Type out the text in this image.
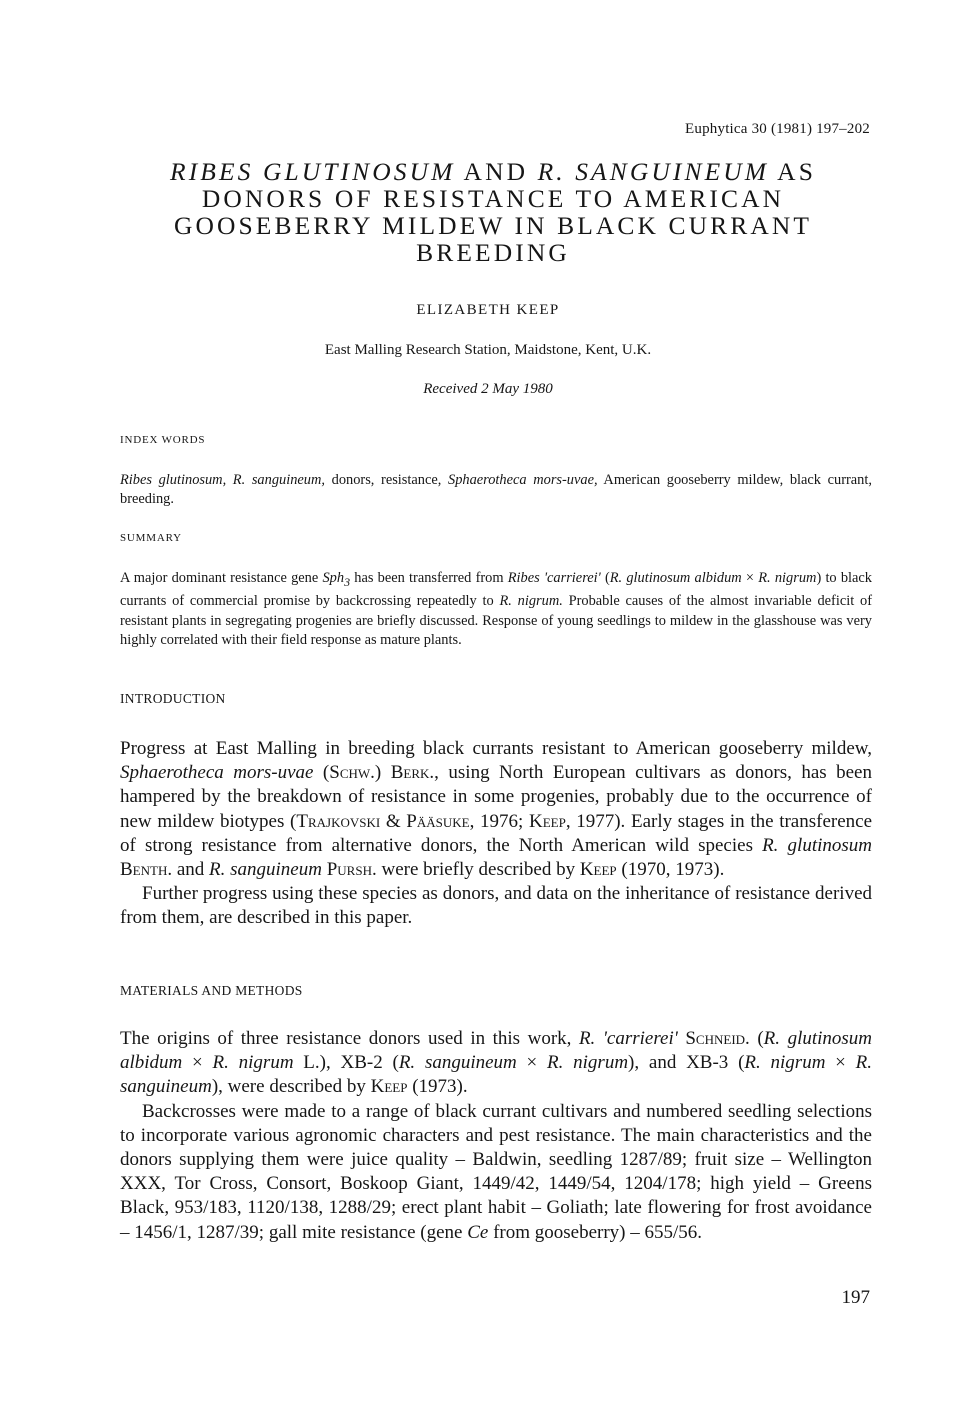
Euphytica 30 (1981) 197–202
RIBES GLUTINOSUM AND R. SANGUINEUM AS DONORS OF RESISTANCE TO AMERICAN GOOSEBERRY MILDEW IN BLACK CURRANT BREEDING
ELIZABETH KEEP
East Malling Research Station, Maidstone, Kent, U.K.
Received 2 May 1980
INDEX WORDS
Ribes glutinosum, R. sanguineum, donors, resistance, Sphaerotheca mors-uvae, American gooseberry mildew, black currant, breeding.
SUMMARY
A major dominant resistance gene Sph$_3$ has been transferred from Ribes 'carrierei' (R. glutinosum albidum × R. nigrum) to black currants of commercial promise by backcrossing repeatedly to R. nigrum. Probable causes of the almost invariable deficit of resistant plants in segregating progenies are briefly discussed. Response of young seedlings to mildew in the glasshouse was very highly correlated with their field response as mature plants.
INTRODUCTION
Progress at East Malling in breeding black currants resistant to American gooseberry mildew, Sphaerotheca mors-uvae (Schw.) Berk., using North European cultivars as donors, has been hampered by the breakdown of resistance in some progenies, probably due to the occurrence of new mildew biotypes (Trajkovski & Pääsuke, 1976; Keep, 1977). Early stages in the transference of strong resistance from alternative donors, the North American wild species R. glutinosum Benth. and R. sanguineum Pursh. were briefly described by Keep (1970, 1973).
Further progress using these species as donors, and data on the inheritance of resistance derived from them, are described in this paper.
MATERIALS AND METHODS
The origins of three resistance donors used in this work, R. 'carrierei' Schneid. (R. glutinosum albidum × R. nigrum L.), XB-2 (R. sanguineum × R. nigrum), and XB-3 (R. nigrum × R. sanguineum), were described by Keep (1973).
Backcrosses were made to a range of black currant cultivars and numbered seedling selections to incorporate various agronomic characters and pest resistance. The main characteristics and the donors supplying them were juice quality – Baldwin, seedling 1287/89; fruit size – Wellington XXX, Tor Cross, Consort, Boskoop Giant, 1449/42, 1449/54, 1204/178; high yield – Greens Black, 953/183, 1120/138, 1288/29; erect plant habit – Goliath; late flowering for frost avoidance – 1456/1, 1287/39; gall mite resistance (gene Ce from gooseberry) – 655/56.
197
